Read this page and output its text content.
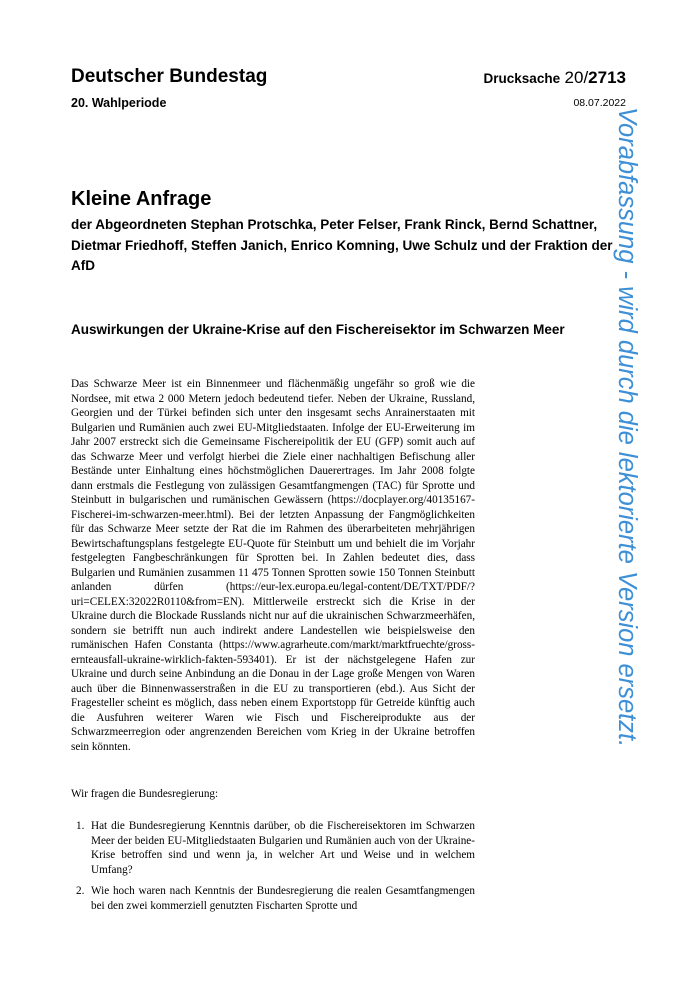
Deutscher Bundestag
20. Wahlperiode
Drucksache 20/2713
08.07.2022
Kleine Anfrage
der Abgeordneten Stephan Protschka, Peter Felser, Frank Rinck, Bernd Schattner, Dietmar Friedhoff, Steffen Janich, Enrico Komning, Uwe Schulz und der Fraktion der AfD
Auswirkungen der Ukraine-Krise auf den Fischereisektor im Schwarzen Meer
Das Schwarze Meer ist ein Binnenmeer und flächenmäßig ungefähr so groß wie die Nordsee, mit etwa 2 000 Metern jedoch bedeutend tiefer. Neben der Ukraine, Russland, Georgien und der Türkei befinden sich unter den insgesamt sechs Anrainerstaaten mit Bulgarien und Rumänien auch zwei EU-Mitgliedstaaten. Infolge der EU-Erweiterung im Jahr 2007 erstreckt sich die Gemeinsame Fischereipolitik der EU (GFP) somit auch auf das Schwarze Meer und verfolgt hierbei die Ziele einer nachhaltigen Befischung aller Bestände unter Einhaltung eines höchstmöglichen Dauerertrages. Im Jahr 2008 folgte dann erstmals die Festlegung von zulässigen Gesamtfangmengen (TAC) für Sprotte und Steinbutt in bulgarischen und rumänischen Gewässern (https://docplayer.org/40135167-Fischerei-im-schwarzen-meer.html). Bei der letzten Anpassung der Fangmöglichkeiten für das Schwarze Meer setzte der Rat die im Rahmen des überarbeiteten mehrjährigen Bewirtschaftungsplans festgelegte EU-Quote für Steinbutt um und behielt die im Vorjahr festgelegten Fangbeschränkungen für Sprotten bei. In Zahlen bedeutet dies, dass Bulgarien und Rumänien zusammen 11 475 Tonnen Sprotten sowie 150 Tonnen Steinbutt anlanden dürfen (https://eur-lex.europa.eu/legal-content/DE/TXT/PDF/?uri=CELEX:32022R0110&from=EN). Mittlerweile erstreckt sich die Krise in der Ukraine durch die Blockade Russlands nicht nur auf die ukrainischen Schwarzmeerhäfen, sondern sie betrifft nun auch indirekt andere Landestellen wie beispielsweise den rumänischen Hafen Constanta (https://www.agrarheute.com/markt/marktfruechte/gross-ernteausfall-ukraine-wirklich-fakten-593401). Er ist der nächstgelegene Hafen zur Ukraine und durch seine Anbindung an die Donau in der Lage große Mengen von Waren auch über die Binnenwasserstraßen in die EU zu transportieren (ebd.). Aus Sicht der Fragesteller scheint es möglich, dass neben einem Exportstopp für Getreide künftig auch die Ausfuhren weiterer Waren wie Fisch und Fischereiprodukte aus der Schwarzmeerregion oder angrenzenden Bereichen vom Krieg in der Ukraine betroffen sein könnten.
Wir fragen die Bundesregierung:
1. Hat die Bundesregierung Kenntnis darüber, ob die Fischereisektoren im Schwarzen Meer der beiden EU-Mitgliedstaaten Bulgarien und Rumänien auch von der Ukraine-Krise betroffen sind und wenn ja, in welcher Art und Weise und in welchem Umfang?
2. Wie hoch waren nach Kenntnis der Bundesregierung die realen Gesamtfangmengen bei den zwei kommerziell genutzten Fischarten Sprotte und
Vorabfassung - wird durch die lektorierte Version ersetzt.
